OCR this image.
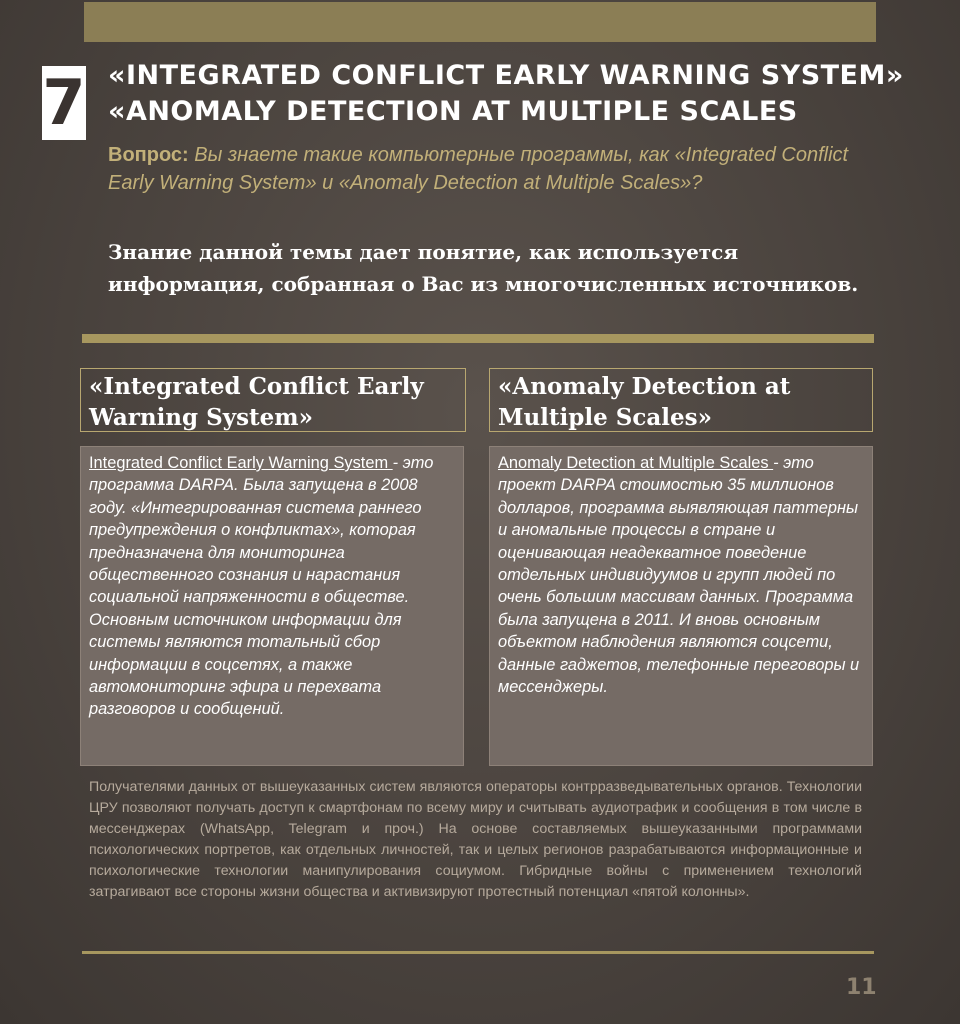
7 «INTEGRATED CONFLICT EARLY WARNING SYSTEM»
«ANOMALY DETECTION AT MULTIPLE SCALES

Вопрос: Вы знаете такие компьютерные программы, как «Integrated Conflict Early Warning System» и «Anomaly Detection at Multiple Scales»?

Знание данной темы дает понятие, как используется информация, собранная о Вас из многочисленных источников.

«Integrated Conflict Early Warning System»
«Anomaly Detection at Multiple Scales»
Integrated Conflict Early Warning System - это программа DARPA. Была запущена в 2008 году. «Интегрированная система раннего предупреждения о конфликтах», которая предназначена для мониторинга общественного сознания и нарастания социальной напряженности в обществе. Основным источником информации для системы являются тотальный сбор информации в соцсетях, а также автомониторинг эфира и перехвата разговоров и сообщений.
Anomaly Detection at Multiple Scales - это проект DARPA стоимостью 35 миллионов долларов, программа выявляющая паттерны и аномальные процессы в стране и оценивающая неадекватное поведение отдельных индивидуумов и групп людей по очень большим массивам данных. Программа была запущена в 2011. И вновь основным объектом наблюдения являются соцсети, данные гаджетов, телефонные переговоры и мессенджеры.

Получателями данных от вышеуказанных систем являются операторы контрразведывательных органов. Технологии ЦРУ позволяют получать доступ к смартфонам по всему миру и считывать аудиотрафик и сообщения в том числе в мессенджерах (WhatsApp, Telegram и проч.) На основе составляемых вышеуказанными программами психологических портретов, как отдельных личностей, так и целых регионов разрабатываются информационные и психологические технологии манипулирования социумом. Гибридные войны с применением технологий затрагивают все стороны жизни общества и активизируют протестный потенциал «пятой колонны».

11
